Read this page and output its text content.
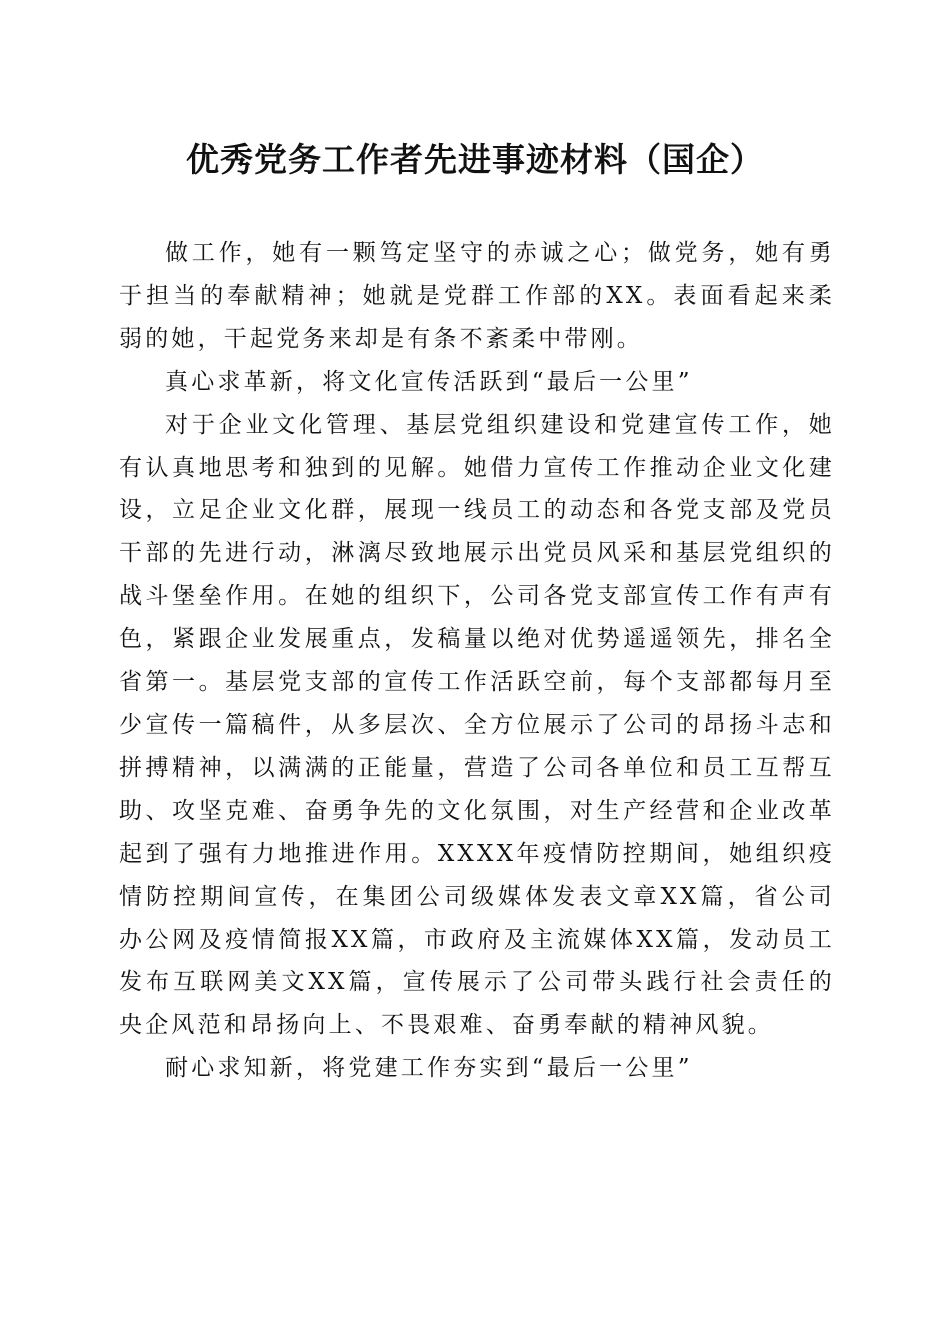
优秀党务工作者先进事迹材料（国企）

做工作，她有一颗笃定坚守的赤诚之心；做党务，她有勇于担当的奉献精神；她就是党群工作部的XX。表面看起来柔弱的她，干起党务来却是有条不紊柔中带刚。

真心求革新，将文化宣传活跃到“最后一公里”

对于企业文化管理、基层党组织建设和党建宣传工作，她有认真地思考和独到的见解。她借力宣传工作推动企业文化建设，立足企业文化群，展现一线员工的动态和各党支部及党员干部的先进行动，淋漓尽致地展示出党员风采和基层党组织的战斗堡垒作用。在她的组织下，公司各党支部宣传工作有声有色，紧跟企业发展重点，发稿量以绝对优势遥遥领先，排名全省第一。基层党支部的宣传工作活跃空前，每个支部都每月至少宣传一篇稿件，从多层次、全方位展示了公司的昂扬斗志和拼搏精神，以满满的正能量，营造了公司各单位和员工互帮互助、攻坚克难、奋勇争先的文化氛围，对生产经营和企业改革起到了强有力地推进作用。XXXX年疫情防控期间，她组织疫情防控期间宣传，在集团公司级媒体发表文章XX篇，省公司办公网及疫情简报XX篇，市政府及主流媒体XX篇，发动员工发布互联网美文XX篇，宣传展示了公司带头践行社会责任的央企风范和昂扬向上、不畏艰难、奋勇奉献的精神风貌。

耐心求知新，将党建工作夯实到“最后一公里”
